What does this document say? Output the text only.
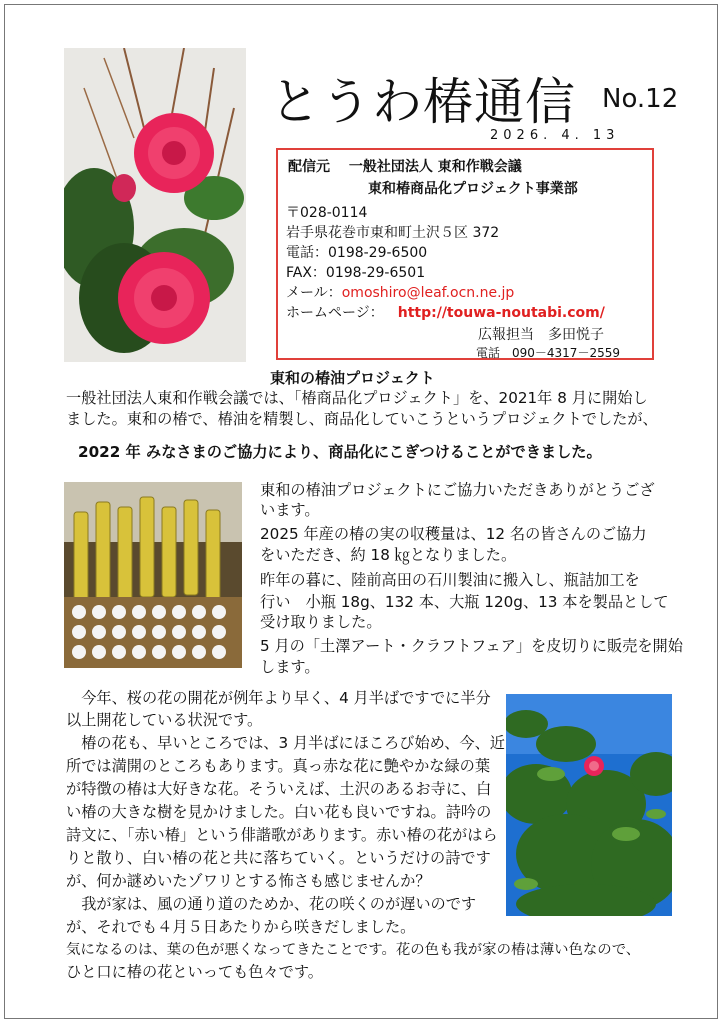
とうわ椿通信 No.12
2026. 4. 13
配信元　 一般社団法人 東和作戦会議
東和椿商品化プロジェクト事業部
〒028-0114
岩手県花巻市東和町土沢５区 372
電話：0198-29-6500
FAX：0198-29-6501
メール：omoshiro@leaf.ocn.ne.jp
ホームページ： http://touwa-noutabi.com/
広報担当　多田悦子
電話　090－4317－2559
東和の椿油プロジェクト
一般社団法人東和作戦会議では、「椿商品化プロジェクト」を、2021年 8 月に開始し
ました。東和の椿で、椿油を精製し、商品化していこうというプロジェクトでしたが、
2022 年 みなさまのご協力により、商品化にこぎつけることができました。
東和の椿油プロジェクトにご協力いただきありがとうござ
います。
2025 年産の椿の実の収穫量は、12 名の皆さんのご協力
をいただき、約 18 ㎏となりました。
昨年の暮に、陸前高田の石川製油に搬入し、瓶詰加工を
行い　小瓶 18g、132 本、大瓶 120g、13 本を製品として
受け取りました。
5 月の「土澤アート・クラフトフェア」を皮切りに販売を開始
します。
　今年、桜の花の開花が例年より早く、4 月半ばですでに半分
以上開花している状況です。
　椿の花も、早いところでは、3 月半ばにほころび始め、今、近
所では満開のところもあります。真っ赤な花に艶やかな緑の葉
が特徴の椿は大好きな花。そういえば、土沢のあるお寺に、白
い椿の大きな樹を見かけました。白い花も良いですね。詩吟の
詩文に、「赤い椿」という俳諧歌があります。赤い椿の花がはら
りと散り、白い椿の花と共に落ちていく。というだけの詩です
が、何か謎めいたゾワリとする怖さも感じませんか？
　我が家は、風の通り道のためか、花の咲くのが遅いのです
が、それでも４月５日あたりから咲きだしました。
気になるのは、葉の色が悪くなってきたことです。花の色も我が家の椿は薄い色なので、
ひと口に椿の花といっても色々です。
